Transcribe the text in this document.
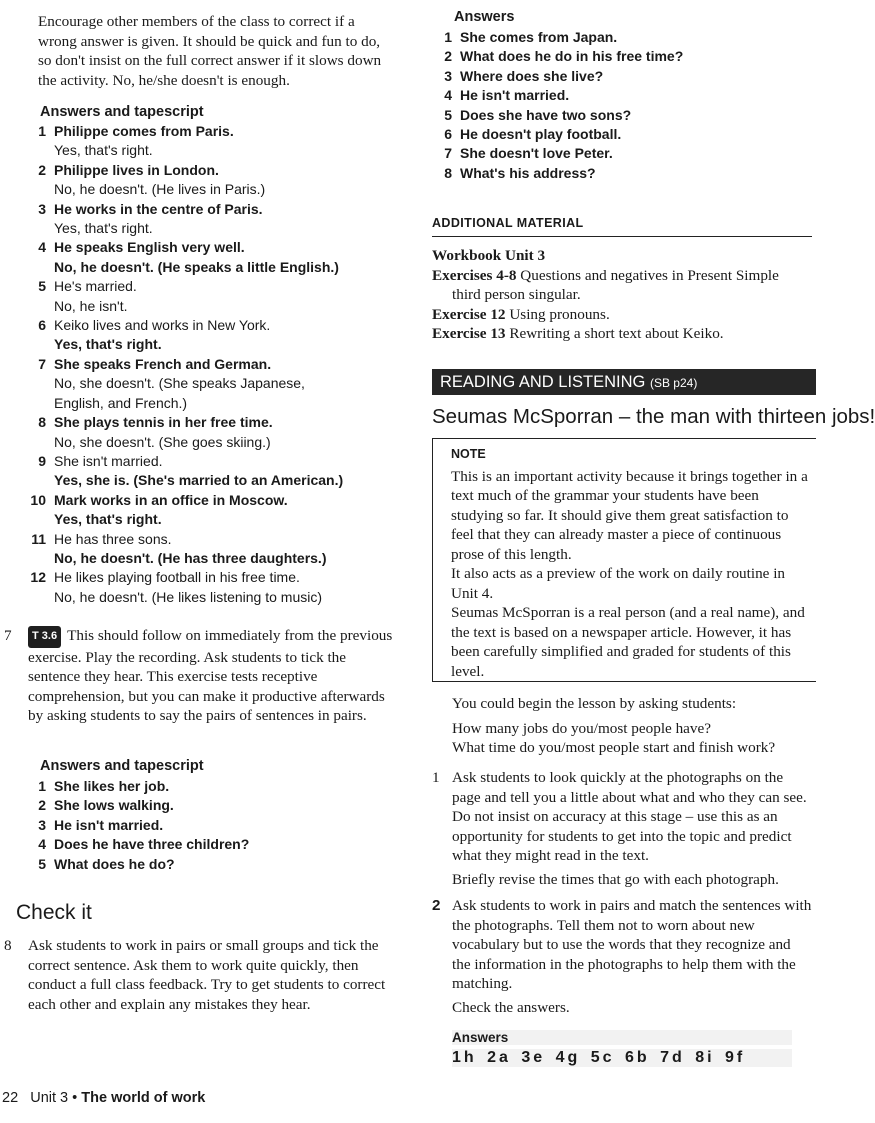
Encourage other members of the class to correct if a wrong answer is given. It should be quick and fun to do, so don't insist on the full correct answer if it slows down the activity. No, he/she doesn't is enough.

Answers and tapescript
1 Philippe comes from Paris.
Yes, that's right.
2 Philippe lives in London.
No, he doesn't. (He lives in Paris.)
3 He works in the centre of Paris.
Yes, that's right.
4 He speaks English very well.
No, he doesn't. (He speaks a little English.)
5 He's married.
No, he isn't.
6 Keiko lives and works in New York.
Yes, that's right.
7 She speaks French and German.
No, she doesn't. (She speaks Japanese, English, and French.)
8 She plays tennis in her free time.
No, she doesn't. (She goes skiing.)
9 She isn't married.
Yes, she is. (She's married to an American.)
10 Mark works in an office in Moscow.
Yes, that's right.
11 He has three sons.
No, he doesn't. (He has three daughters.)
12 He likes playing football in his free time.
No, he doesn't. (He likes listening to music)
7	T 3.6 This should follow on immediately from the previous exercise. Play the recording. Ask students to tick the sentence they hear. This exercise tests receptive comprehension, but you can make it productive afterwards by asking students to say the pairs of sentences in pairs.

Answers and tapescript
1 She likes her job.
2 She lows walking.
3 He isn't married.
4 Does he have three children?
5 What does he do?
Check it
8	Ask students to work in pairs or small groups and tick the correct sentence. Ask them to work quite quickly, then conduct a full class feedback. Try to get students to correct each other and explain any mistakes they hear.

Answers
1 She comes from Japan.
2 What does he do in his free time?
3 Where does she live?
4 He isn't married.
5 Does she have two sons?
6 He doesn't play football.
7 She doesn't love Peter.
8 What's his address?
ADDITIONAL MATERIAL

Workbook Unit 3

Exercises 4-8 Questions and negatives in Present Simple

third person singular.

Exercise 12 Using pronouns.

Exercise 13 Rewriting a short text about Keiko.

READING AND LISTENING (SB p24)
Seumas McSporran – the man with thirteen jobs!
NOTE

This is an important activity because it brings together in a text much of the grammar your students have been studying so far. It should give them great satisfaction to feel that they can already master a piece of continuous prose of this length.

It also acts as a preview of the work on daily routine in Unit 4.

Seumas McSporran is a real person (and a real name), and the text is based on a newspaper article. However, it has been carefully simplified and graded for students of this level.

You could begin the lesson by asking students:

How many jobs do you/most people have?

What time do you/most people start and finish work?

1 Ask students to look quickly at the photographs on the page and tell you a little about what and who they can see. Do not insist on accuracy at this stage – use this as an opportunity for students to get into the topic and predict what they might read in the text.

Briefly revise the times that go with each photograph.

2 Ask students to work in pairs and match the sentences with the photographs. Tell them not to worn about new vocabulary but to use the words that they recognize and the information in the photographs to help them with the matching.

Check the answers.

Answers
1h 2a 3e 4g 5c 6b 7d 8i 9f
22 Unit 3 • The world of work
